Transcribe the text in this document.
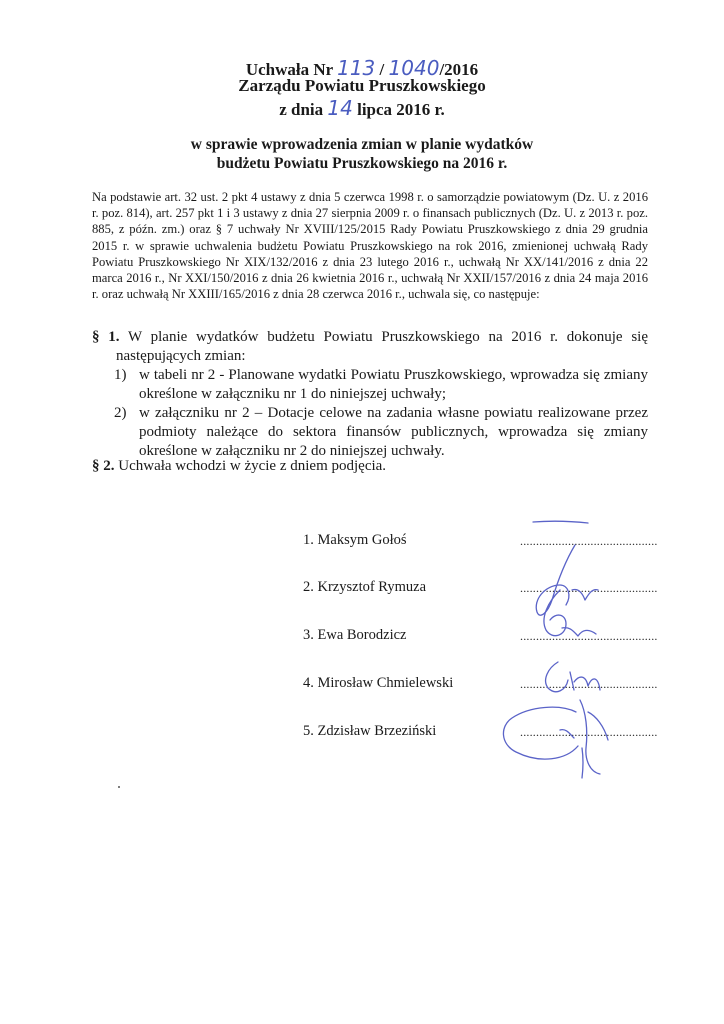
Uchwała Nr 113 / 1040/2016
Zarządu Powiatu Pruszkowskiego
z dnia 14 lipca 2016 r.
w sprawie wprowadzenia zmian w planie wydatków
budżetu Powiatu Pruszkowskiego na 2016 r.
Na podstawie art. 32 ust. 2 pkt 4 ustawy z dnia 5 czerwca 1998 r. o samorządzie powiatowym (Dz. U. z 2016 r. poz. 814), art. 257 pkt 1 i 3 ustawy z dnia 27 sierpnia 2009 r. o finansach publicznych (Dz. U. z 2013 r. poz. 885, z późn. zm.) oraz § 7 uchwały Nr XVIII/125/2015 Rady Powiatu Pruszkowskiego z dnia 29 grudnia 2015 r. w sprawie uchwalenia budżetu Powiatu Pruszkowskiego na rok 2016, zmienionej uchwałą Rady Powiatu Pruszkowskiego Nr XIX/132/2016 z dnia 23 lutego 2016 r., uchwałą Nr XX/141/2016 z dnia 22 marca 2016 r., Nr XXI/150/2016 z dnia 26 kwietnia 2016 r., uchwałą Nr XXII/157/2016 z dnia 24 maja 2016 r. oraz uchwałą Nr XXIII/165/2016 z dnia 28 czerwca 2016 r., uchwala się, co następuje:
§ 1. W planie wydatków budżetu Powiatu Pruszkowskiego na 2016 r. dokonuje się następujących zmian:
1) w tabeli nr 2 - Planowane wydatki Powiatu Pruszkowskiego, wprowadza się zmiany określone w załączniku nr 1 do niniejszej uchwały;
2) w załączniku nr 2 – Dotacje celowe na zadania własne powiatu realizowane przez podmioty należące do sektora finansów publicznych, wprowadza się zmiany określone w załączniku nr 2 do niniejszej uchwały.
§ 2. Uchwała wchodzi w życie z dniem podjęcia.
1. Maksym Gołoś	...........................................
2. Krzysztof Rymuza	...........................................
3. Ewa Borodzicz	...........................................
4. Mirosław Chmielewski	...........................................
5. Zdzisław Brzeziński	...........................................
